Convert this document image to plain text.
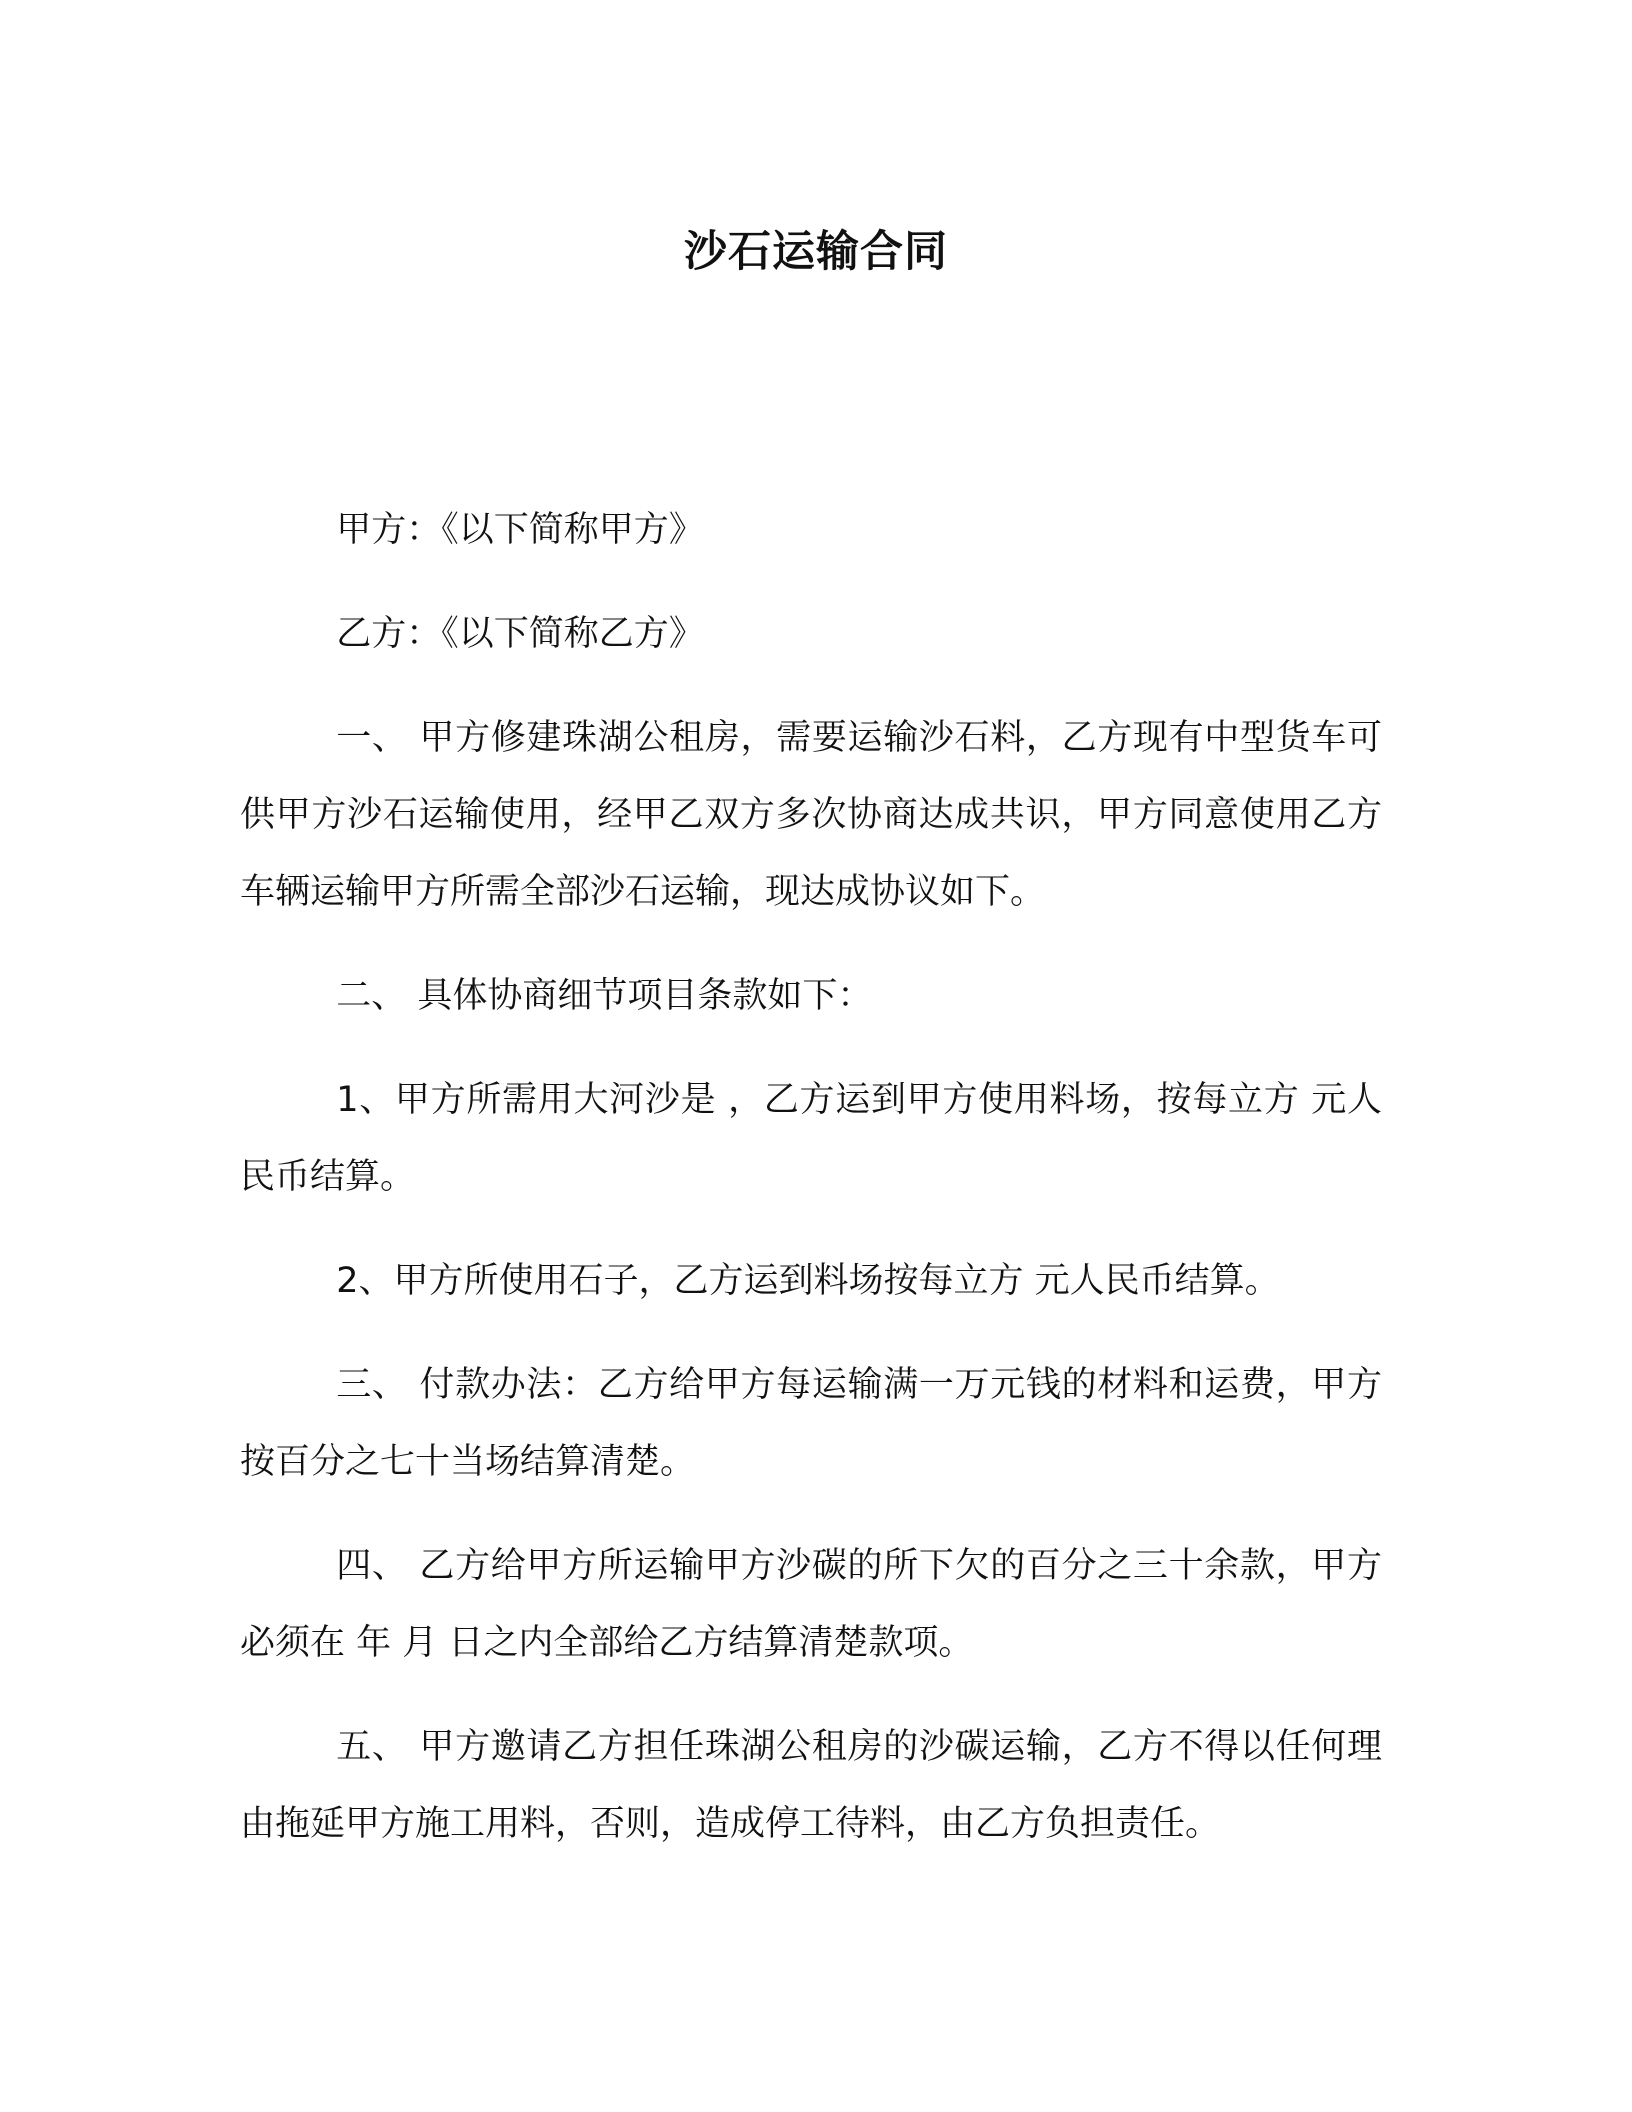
沙石运输合同

甲方：《以下简称甲方》

乙方：《以下简称乙方》

一、 甲方修建珠湖公租房，需要运输沙石料，乙方现有中型货车可供甲方沙石运输使用，经甲乙双方多次协商达成共识，甲方同意使用乙方车辆运输甲方所需全部沙石运输，现达成协议如下。

二、 具体协商细节项目条款如下：

1、甲方所需用大河沙是 ，乙方运到甲方使用料场，按每立方 元人民币结算。

2、甲方所使用石子，乙方运到料场按每立方 元人民币结算。

三、 付款办法：乙方给甲方每运输满一万元钱的材料和运费，甲方按百分之七十当场结算清楚。

四、 乙方给甲方所运输甲方沙碳的所下欠的百分之三十余款，甲方必须在 年 月 日之内全部给乙方结算清楚款项。

五、 甲方邀请乙方担任珠湖公租房的沙碳运输，乙方不得以任何理由拖延甲方施工用料，否则，造成停工待料，由乙方负担责任。
